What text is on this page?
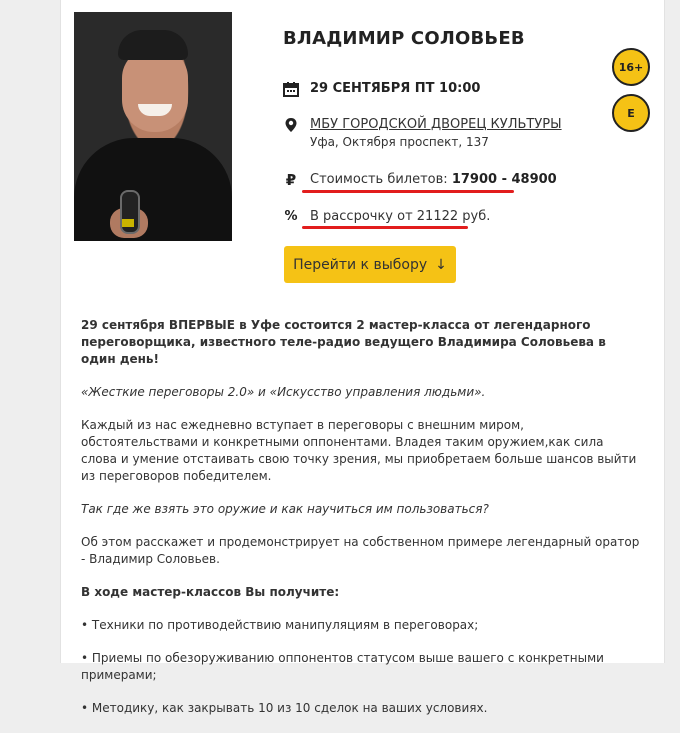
ВЛАДИМИР СОЛОВЬЕВ
16+
E
29 СЕНТЯБРЯ ПТ 10:00
МБУ ГОРОДСКОЙ ДВОРЕЦ КУЛЬТУРЫ
Уфа, Октября проспект, 137
₽ Стоимость билетов: 17900 - 48900
% В рассрочку от 21122 руб.
Перейти к выбору ↓

29 сентября ВПЕРВЫЕ в Уфе состоится 2 мастер-класса от легендарного переговорщика, известного теле-радио ведущего Владимира Соловьева в один день!

«Жесткие переговоры 2.0» и «Искусство управления людьми».

Каждый из нас ежедневно вступает в переговоры с внешним миром, обстоятельствами и конкретными оппонентами. Владея таким оружием,как сила слова и умение отстаивать свою точку зрения, мы приобретаем больше шансов выйти из переговоров победителем.

Так где же взять это оружие и как научиться им пользоваться?

Об этом расскажет и продемонстрирует на собственном примере легендарный оратор - Владимир Соловьев.

В ходе мастер-классов Вы получите:

• Техники по противодействию манипуляциям в переговорах;

• Приемы по обезоруживанию оппонентов статусом выше вашего с конкретными примерами;

• Методику, как закрывать 10 из 10 сделок на ваших условиях.
